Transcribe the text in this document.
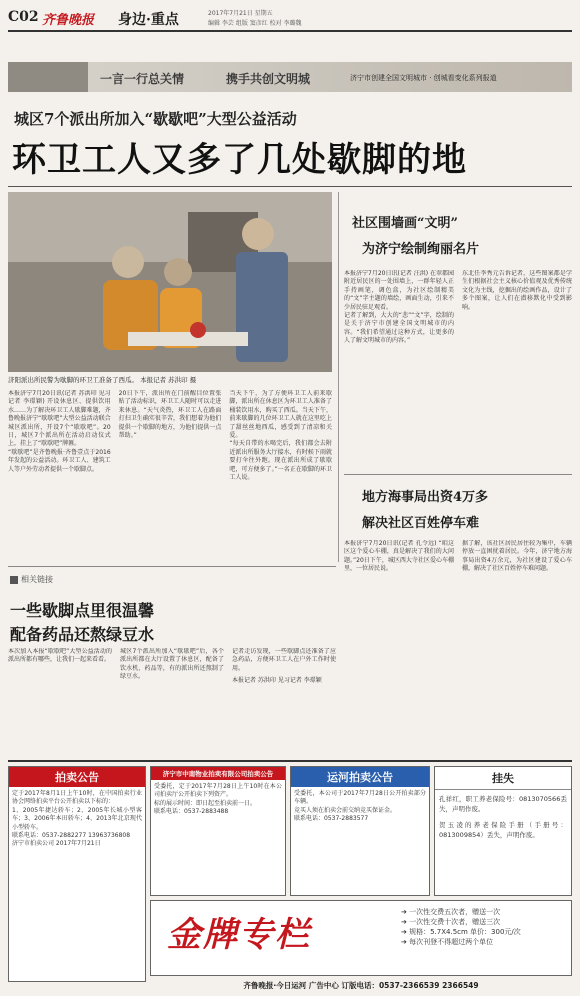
C02 齐鲁晚报 身边·重点	2017年7月21日 星期五
编辑 李芸 组版 窦彦红 校对 李璐魏
一言一行总关情	携手共创文明城	济宁市创建全国文明城市 · 创城看变化系列报道
城区7个派出所加入“歇歇吧”大型公益活动
环卫工人又多了几处歇脚的地
济阳派出所民警为歇脚的环卫工准备了西瓜。 本报记者 苏洪印 摄

本报济宁7月20日讯(记者 苏洪印 见习记者 李璟颖) 开设休息区、提供饮用水……为了解决环卫工人歇脚难题，齐鲁晚报济宁“歇歇吧”大型公益活动联合城区派出所，开设7个“歇歇吧”。20日，城区7个派出所在活动启动仪式上，挂上了“歇歇吧”牌匾。

“歇歇吧”是齐鲁晚报·齐鲁壹点于2016年发起的公益活动。环卫工人、建筑工人等户外劳动者提供一个歇脚点。

20日下午，派出所在门前醒目位置张贴了活动标识，环卫工人随时可以走进来休息。“天气炎热，环卫工人在路面打扫卫生确实很辛苦，我们想着为他们提供一个歇脚的地方，为他们提供一点帮助。”

当天下午，为了方便环卫工人前来歇脚，派出所在休息区为环卫工人准备了桶装饮用水，购买了西瓜。当天下午，前来歇脚的几位环卫工人就在这里吃上了甜丝丝地西瓜，感受到了清凉和关爱。

“每天自带的水喝完后，我们都会去附近派出所服务大厅接水，有时候下雨就要打伞往外跑。现在派出所成了歇歇吧，可方便多了。”一名正在歇脚的环卫工人说。

社区围墙画“文明”
为济宁绘制绚丽名片

本报济宁7月20日讯(记者 汪洪) 在翠都园附近居民区的一处围墙上，一群年轻人正手持画笔，调色盒，为社区绘制精美的“文”字主题的墙绘，画面生动，引来不少居民驻足观看。

记者了解到，大大的“悲”“文”字，绘制的是关于济宁市创建全国文明城市的内容。“我们希望通过这种方式，让更多的人了解文明城市的内容。”

东北任李秀元告诉记者，这些图案都是学生们根据社会主义核心价值观及优秀传统文化为主线，挖掘出的绘画作品，设计了多个图案，让人们在潜移默化中受到影响。

地方海事局出资4万多
解决社区百姓停车难

本报济宁7月20日讯(记者 孔令远) “咱这区这个爱心车棚，真是解决了我们的大问题。”20日下午，城区西大寺社区爱心车棚里，一位居民说。

据了解，该社区居民居住较为集中，车辆停放一直困扰着居民。今年，济宁地方海事局出资4万余元，为社区建设了爱心车棚，解决了社区百姓停车难问题。

相关链接
一些歇脚点里很温馨
配备药品还熬绿豆水

本次加入本报“歇歇吧”大型公益活动的派出所都有哪些，让我们一起来看看。

城区7个派出所加入“歇歇吧”后，各个派出所都在大厅设置了休息区，配备了饮水机、药品等，有的派出所还熬制了绿豆水。

记者走访发现，一些歇脚点还准备了应急药品，方便环卫工人在户外工作时使用。

本报记者 苏洪印 见习记者 李璟颖

拍卖公告

定于2017年8月1日上午10时，在中国拍卖行业协会网络拍卖平台公开拍卖以下标的：

1、2005年捷达轿车；2、2005年长城小型客车；3、2006年本田轿车；4、2013年北京现代小型轿车。

联系电话：0537-2882277 13963736808

济宁市拍卖公司 2017年7月21日

济宁市中南物业拍卖有限公司拍卖公告

受委托，定于2017年7月28日上午10时在本公司拍卖厅公开拍卖下列资产。

标的展示时间：即日起至拍卖前一日。

联系电话：0537-2883488

运河拍卖公告

受委托，本公司于2017年7月28日公开拍卖部分车辆。

竞买人须在拍卖会前交纳竞买保证金。

联系电话：0537-2883577

挂失

孔祥红，职工养老保险号：0813070566丢失，声明作废。

贺玉凌的养老保险手册（手册号：0813009854）丢失，声明作废。

金牌专栏

➔ 一次性交费五次者，赠送一次

➔ 一次性交费十次者，赠送三次

➔ 规格：5.7X4.5cm 单价：300元/次

➔ 每次刊登不得超过两个单位

齐鲁晚报·今日运河 广告中心 订版电话：0537-2366539 2366549
